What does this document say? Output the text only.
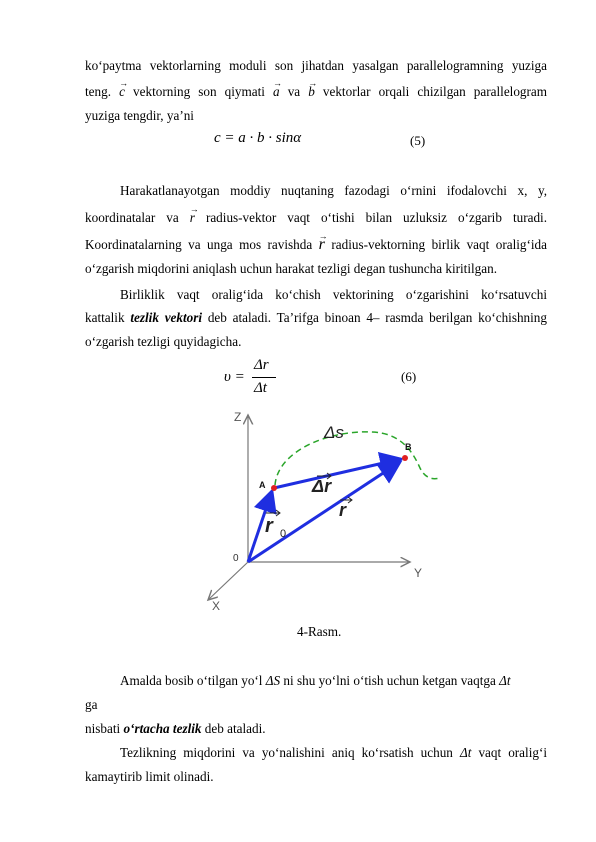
koʻpaytma vektorlarning moduli son jihatdan yasalgan parallelogramning yuziga
teng. → c vektorning son qiymati → a va → b vektorlar orqali chizilgan parallelogram
yuziga tengdir, ya’ni
c = a · b · sinα	(5)
Harakatlanayotgan moddiy nuqtaning fazodagi oʻrnini ifodalovchi x, y,
koordinatalar va → r radius-vektor vaqt oʻtishi bilan uzluksiz oʻzgarib turadi.
Koordinatalarning va unga mos ravishda → r radius-vektorning birlik vaqt oralig‘ida
oʻzgarish miqdorini aniqlash uchun harakat tezligi degan tushuncha kiritilgan.
Birliklik vaqt oralig‘ida koʻchish vektorining oʻzgarishini koʻrsatuvchi
kattalik tezlik vektori deb ataladi. Ta’rifga binoan 4– rasmda berilgan koʻchishning
oʻzgarish tezligi quyidagicha.
υ =
Δr
Δt
(6)
Z
Y
X
0
A
B
Δs
Δr
r
r 0
4-Rasm.
Amalda bosib oʻtilgan yoʻl ΔS ni shu yoʻlni oʻtish uchun ketgan vaqtga Δt
ga
nisbati oʻrtacha tezlik deb ataladi.
Tezlikning miqdorini va yoʻnalishini aniq koʻrsatish uchun Δt vaqt oralig‘i
kamaytirib limit olinadi.
